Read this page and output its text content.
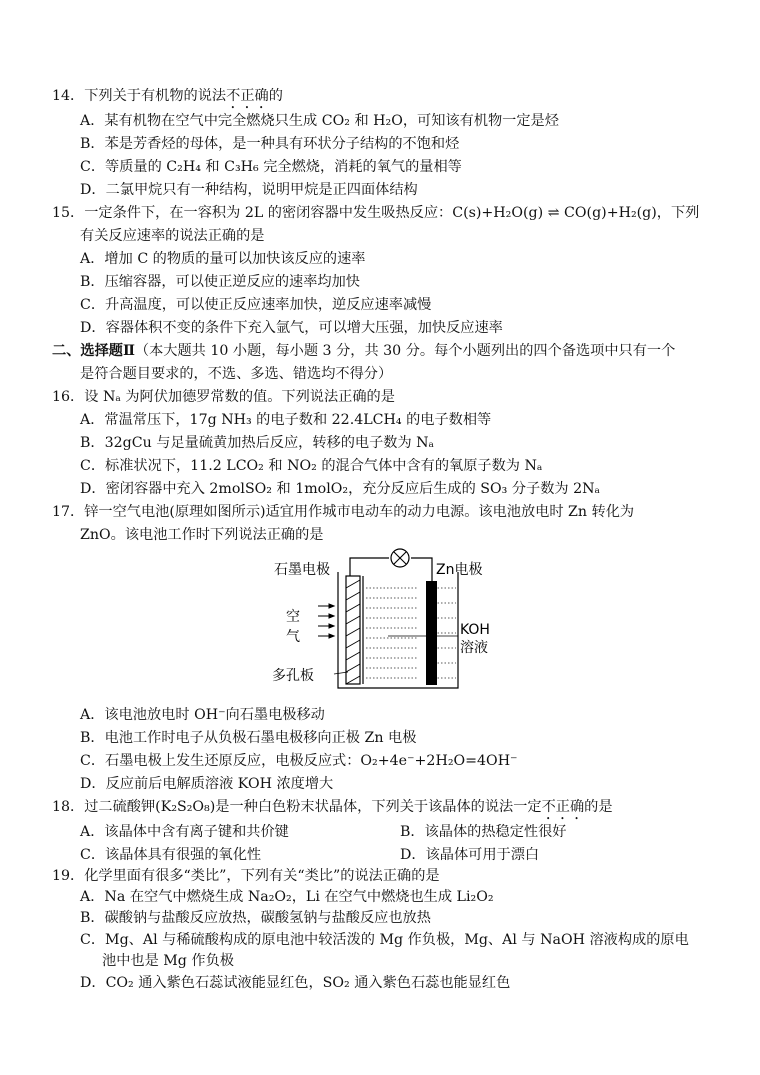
14．下列关于有机物的说法不正确的
A．某有机物在空气中完全燃烧只生成 CO₂ 和 H₂O，可知该有机物一定是烃
B．苯是芳香烃的母体，是一种具有环状分子结构的不饱和烃
C．等质量的 C₂H₄ 和 C₃H₆ 完全燃烧，消耗的氧气的量相等
D．二氯甲烷只有一种结构，说明甲烷是正四面体结构
15．一定条件下，在一容积为 2L 的密闭容器中发生吸热反应：C(s)+H₂O(g) ⇌ CO(g)+H₂(g)，下列
有关反应速率的说法正确的是
A．增加 C 的物质的量可以加快该反应的速率
B．压缩容器，可以使正逆反应的速率均加快
C．升高温度，可以使正反应速率加快，逆反应速率减慢
D．容器体积不变的条件下充入氩气，可以增大压强，加快反应速率
二、选择题Ⅱ（本大题共 10 小题，每小题 3 分，共 30 分。每个小题列出的四个备选项中只有一个
是符合题目要求的，不选、多选、错选均不得分）
16．设 Nₐ 为阿伏加德罗常数的值。下列说法正确的是
A．常温常压下，17g NH₃ 的电子数和 22.4LCH₄ 的电子数相等
B．32gCu 与足量硫黄加热后反应，转移的电子数为 Nₐ
C．标准状况下，11.2 LCO₂ 和 NO₂ 的混合气体中含有的氧原子数为 Nₐ
D．密闭容器中充入 2molSO₂ 和 1molO₂，充分反应后生成的 SO₃ 分子数为 2Nₐ
17．锌一空气电池(原理如图所示)适宜用作城市电动车的动力电源。该电池放电时 Zn 转化为
ZnO。该电池工作时下列说法正确的是
石墨电极	Zn电极
空
气	KOH
溶液
多孔板
A．该电池放电时 OH⁻向石墨电极移动
B．电池工作时电子从负极石墨电极移向正极 Zn 电极
C．石墨电极上发生还原反应，电极反应式：O₂+4e⁻+2H₂O=4OH⁻
D．反应前后电解质溶液 KOH 浓度增大
18．过二硫酸钾(K₂S₂O₈)是一种白色粉末状晶体，下列关于该晶体的说法一定不正确的是
A．该晶体中含有离子键和共价键	B．该晶体的热稳定性很好
C．该晶体具有很强的氧化性	D．该晶体可用于漂白
19．化学里面有很多“类比”，下列有关“类比”的说法正确的是
A．Na 在空气中燃烧生成 Na₂O₂，Li 在空气中燃烧也生成 Li₂O₂
B．碳酸钠与盐酸反应放热，碳酸氢钠与盐酸反应也放热
C．Mg、Al 与稀硫酸构成的原电池中较活泼的 Mg 作负极，Mg、Al 与 NaOH 溶液构成的原电
池中也是 Mg 作负极
D．CO₂ 通入紫色石蕊试液能显红色，SO₂ 通入紫色石蕊也能显红色
